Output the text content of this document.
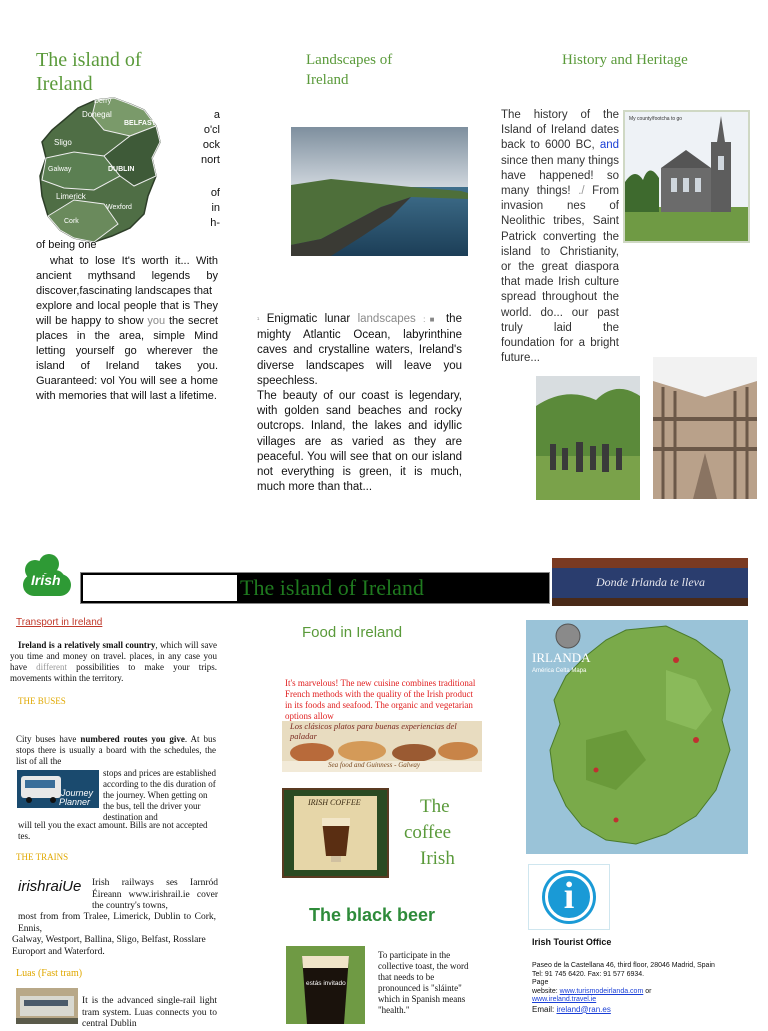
The island of Ireland
Derry
Donegal
BELFAST
Sligo
Galway	DUBLIN
Limerick
Wexford
Cork
a
o'cl
ock
nort
of
in
h-
of being one

what to lose It's worth it... With ancient mythsand legends by discover,fascinating landscapes that

explore and local people that is They will be happy to show you the secret places in the area, simple Mind letting yourself go wherever the island of Ireland takes you. Guaranteed: vol You will see a home with memories that will last a lifetime.

Landscapes of Ireland

¹ Enigmatic lunar landscapes :■ the mighty Atlantic Ocean, labyrinthine caves and crystalline waters, Ireland's diverse landscapes will leave you speechless.

The beauty of our coast is legendary, with golden sand beaches and rocky outcrops. Inland, the lakes and idyllic villages are as varied as they are peaceful. You will see that on our island not everything is green, it is much, much more than that...

History and Heritage
My county/footcha to go

The history of the Island of Ireland dates back to 6000 BC, and since then many things have happened! so many things! ./ From invasion nes of Neolithic tribes, Saint Patrick converting the island to Christianity, or the great diaspora that made Irish culture spread throughout the world. do... our past truly laid the foundation for a bright future...

Irish	The island of Ireland	Donde Irlanda te lleva
Transport in Ireland

Ireland is a relatively small country, which will save you time and money on travel. places, in any case you have different possibilities to make your trips. movements within the territory.

THE BUSES

City buses have numbered routes you give. At bus stops there is usually a board with the schedules, the list of all the

Journey
Planner
stops and prices are established according to the dis duration of the journey. When getting on the bus, tell the driver your destination and
will tell you the exact amount. Bills are not accepted tes.
THE TRAINS
irishraiUe Irish railways ses Iarnród Éireann www.irishrail.ie cover the country's towns,
most from from Tralee, Limerick, Dublin to Cork, Ennis,
Galway, Westport, Ballina, Sligo, Belfast, Rosslare Europort and Waterford.
Luas (Fast tram)
It is the advanced single-rail light tram system. Luas connects you to central Dublin
Food in Ireland
It's marvelous! The new cuisine combines traditional French methods with the quality of the Irish product in its foods and seafood. The organic and vegetarian options allow
Los clásicos platos para buenas experiencias del paladar
Sea food and Guinness - Galway
IRISH COFFEE	The
coffee
Irish
The black beer
estás invitado
To participate in the collective toast, the word that needs to be pronounced is "sláinte" which in Spanish means "health."
IRLANDA
América Celta Mapa
i
Irish Tourist Office
Paseo de la Castellana 46, third floor, 28046 Madrid, Spain
Tel: 91 745 6420. Fax: 91 577 6934.
Page
website: www.turismodeirlanda.com or
www.ireland.travel.ie
Email: ireland@ran.es
